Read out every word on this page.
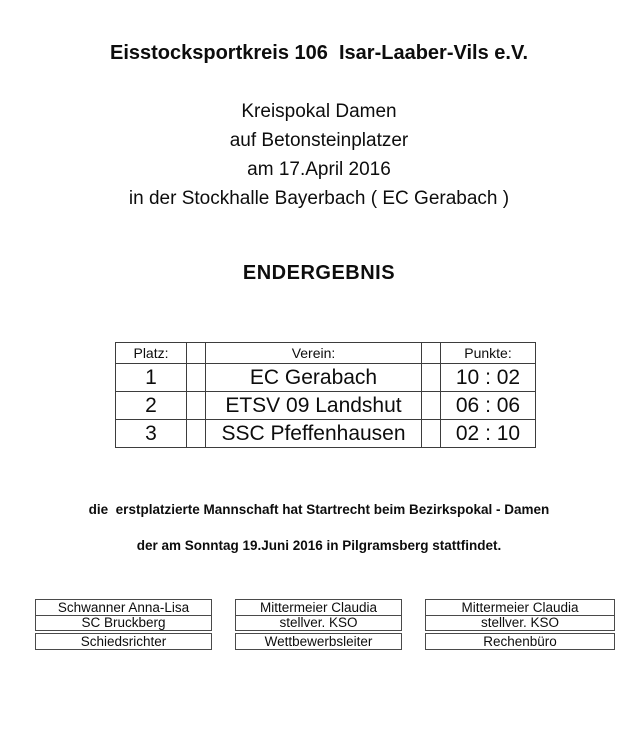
Eisstocksportkreis 106  Isar-Laaber-Vils e.V.
Kreispokal Damen
auf Betonsteinplatzer
am 17.April 2016
in der Stockhalle Bayerbach ( EC Gerabach )
ENDERGEBNIS
Platz:		Verein:		Punkte:
1		EC Gerabach		10 : 02
2		ETSV 09 Landshut		06 : 06
3		SSC Pfeffenhausen		02 : 10
die  erstplatzierte Mannschaft hat Startrecht beim Bezirkspokal - Damen
der am Sonntag 19.Juni 2016 in Pilgramsberg stattfindet.
Schwanner Anna-Lisa
SC Bruckberg
Schiedsrichter
Mittermeier Claudia
stellver. KSO
Wettbewerbsleiter
Mittermeier Claudia
stellver. KSO
Rechenbüro
